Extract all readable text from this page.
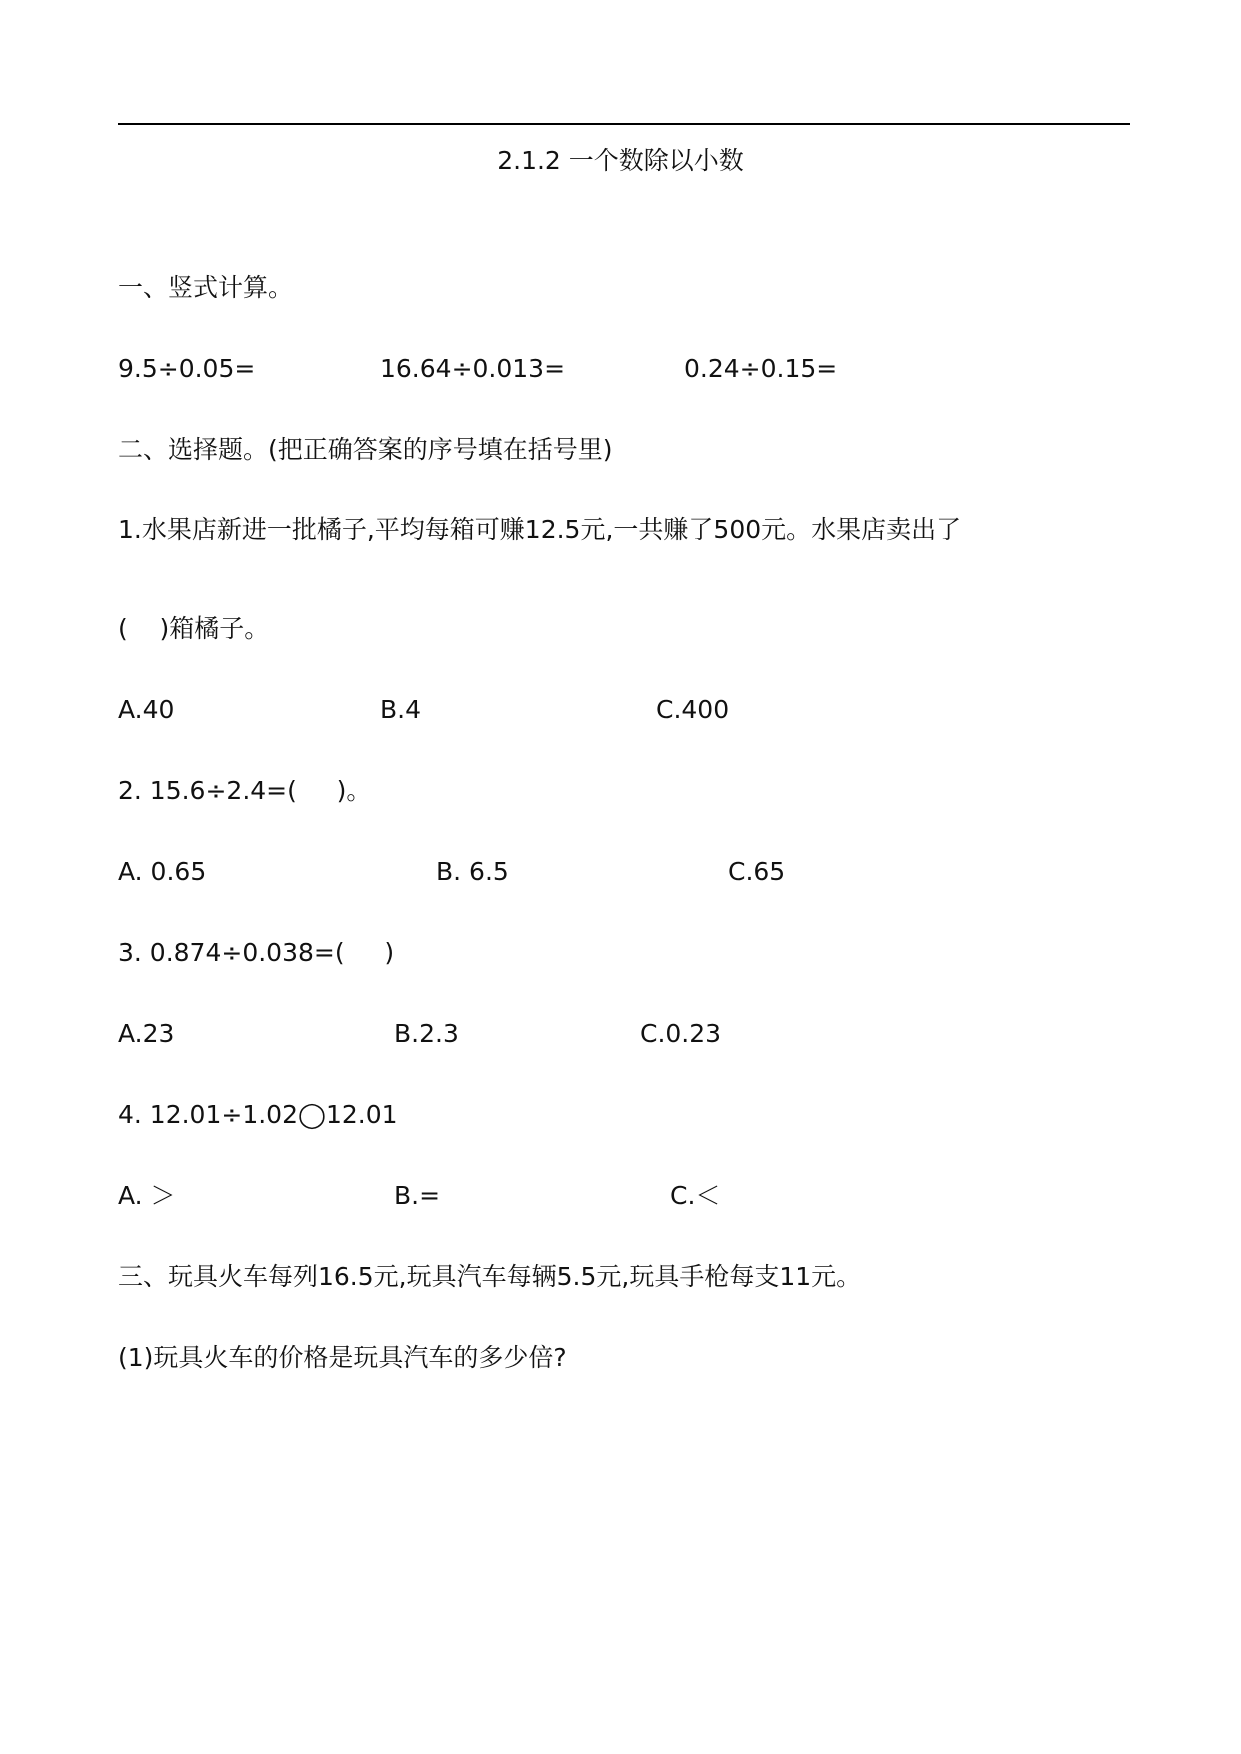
2.1.2 一个数除以小数
一、竖式计算。
9.5÷0.05=	16.64÷0.013=	0.24÷0.15=
二、选择题。(把正确答案的序号填在括号里)
1.水果店新进一批橘子,平均每箱可赚12.5元,一共赚了500元。水果店卖出了
(    )箱橘子。
A.40	B.4	C.400
2. 15.6÷2.4=(     )。
A. 0.65	B. 6.5	C.65
3. 0.874÷0.038=(     )
A.23	B.2.3	C.0.23
4. 12.01÷1.02◯12.01
A. ＞	B.=	C.＜
三、玩具火车每列16.5元,玩具汽车每辆5.5元,玩具手枪每支11元。
(1)玩具火车的价格是玩具汽车的多少倍?
